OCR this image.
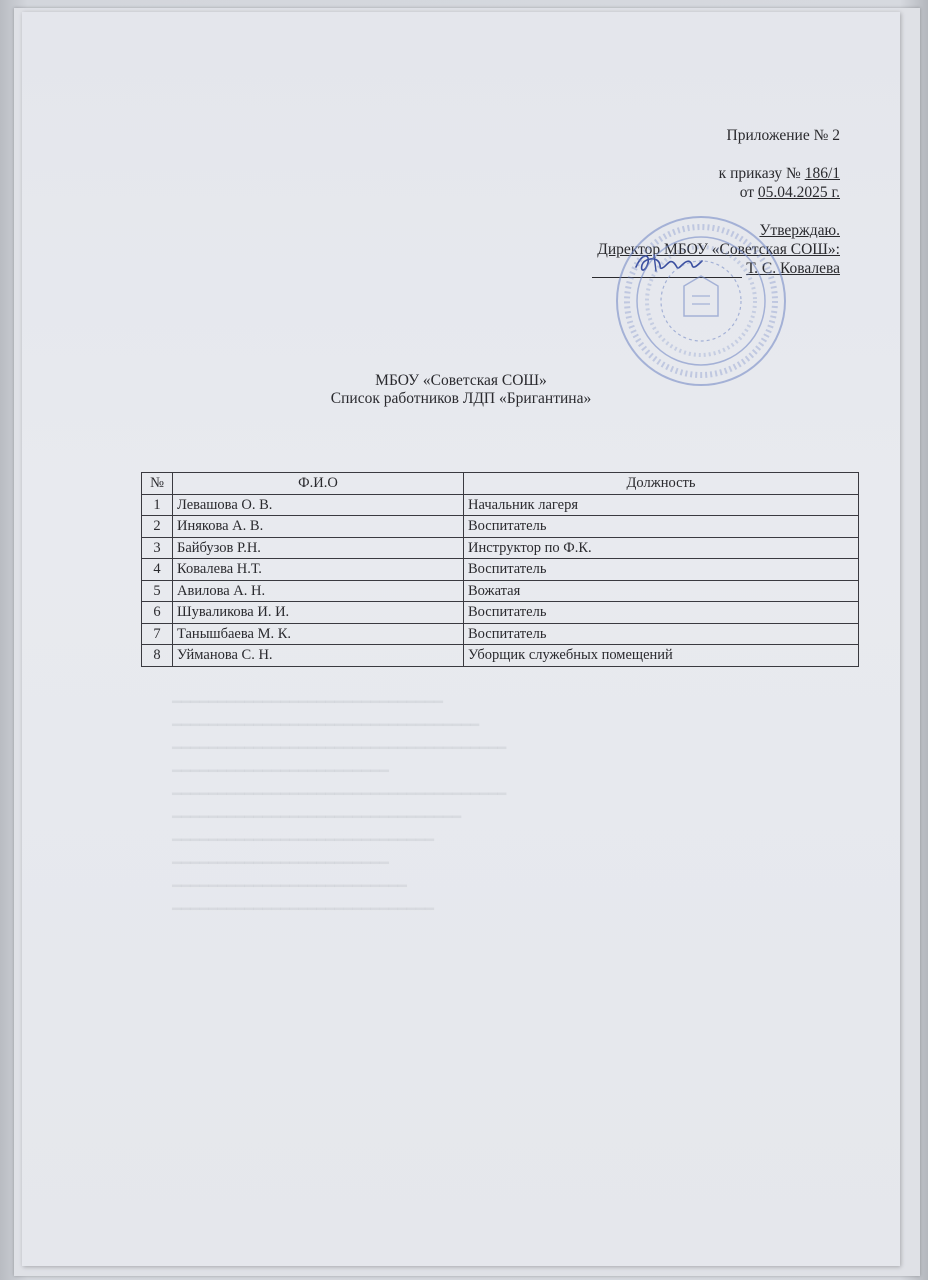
Приложение № 2
к приказу № 186/1
от 05.04.2025 г.
Утверждаю.
Директор МБОУ «Советская СОШ»:
Т. С. Ковалева
МБОУ «Советская СОШ»
Список работников ЛДП «Бригантина»
━━━━━━━━━━━━━━━━━━━━━━━━━━━━━━
━━━━━━━━━━━━━━━━━━━━━━━━━━━━━━━━━━
━━━━━━━━━━━━━━━━━━━━━━━━━━━━━━━━━━━━━
━━━━━━━━━━━━━━━━━━━━━━━━
━━━━━━━━━━━━━━━━━━━━━━━━━━━━━━━━━━━━━
━━━━━━━━━━━━━━━━━━━━━━━━━━━━━━━━
━━━━━━━━━━━━━━━━━━━━━━━━━━━━━
━━━━━━━━━━━━━━━━━━━━━━━━
━━━━━━━━━━━━━━━━━━━━━━━━━━
━━━━━━━━━━━━━━━━━━━━━━━━━━━━━
№	Ф.И.О	Должность
1	Левашова О. В.	Начальник лагеря
2	Инякова А. В.	Воспитатель
3	Байбузов Р.Н.	Инструктор по Ф.К.
4	Ковалева Н.Т.	Воспитатель
5	Авилова А. Н.	Вожатая
6	Шуваликова И. И.	Воспитатель
7	Танышбаева М. К.	Воспитатель
8	Уйманова С. Н.	Уборщик служебных помещений
